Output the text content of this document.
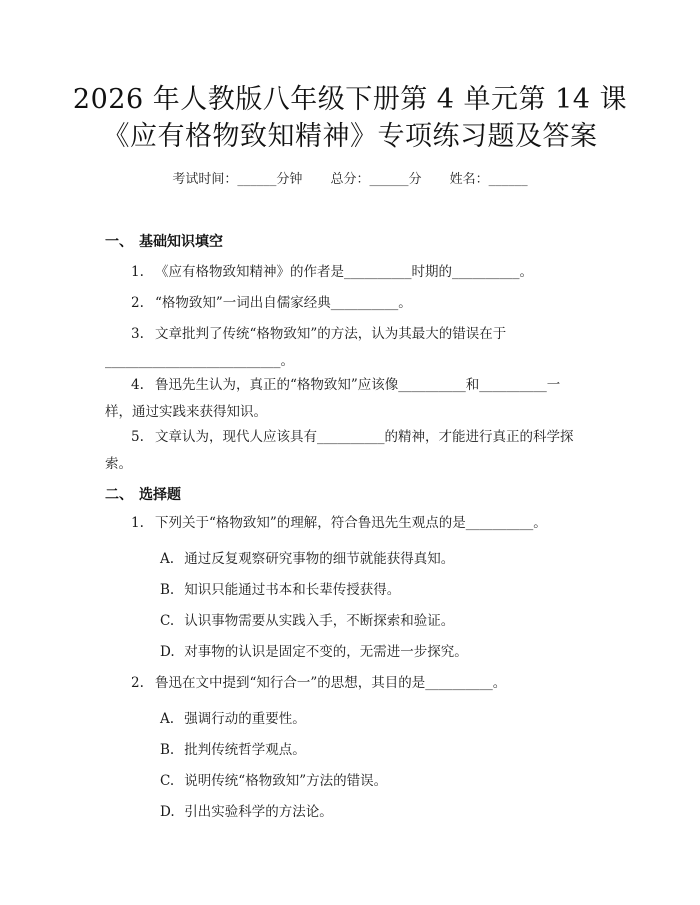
2026 年人教版八年级下册第 4 单元第 14 课
《应有格物致知精神》专项练习题及答案
考试时间：______分钟 总分：______分 姓名：______
一、 基础知识填空
1. 《应有格物致知精神》的作者是__________时期的__________。
2. “格物致知”一词出自儒家经典__________。
3. 文章批判了传统“格物致知”的方法，认为其最大的错误在于
__________________________。
4. 鲁迅先生认为，真正的“格物致知”应该像__________和__________一
样，通过实践来获得知识。
5. 文章认为，现代人应该具有__________的精神，才能进行真正的科学探
索。
二、 选择题
1. 下列关于“格物致知”的理解，符合鲁迅先生观点的是__________。
A. 通过反复观察研究事物的细节就能获得真知。
B. 知识只能通过书本和长辈传授获得。
C. 认识事物需要从实践入手，不断探索和验证。
D. 对事物的认识是固定不变的，无需进一步探究。
2. 鲁迅在文中提到“知行合一”的思想，其目的是__________。
A. 强调行动的重要性。
B. 批判传统哲学观点。
C. 说明传统“格物致知”方法的错误。
D. 引出实验科学的方法论。
